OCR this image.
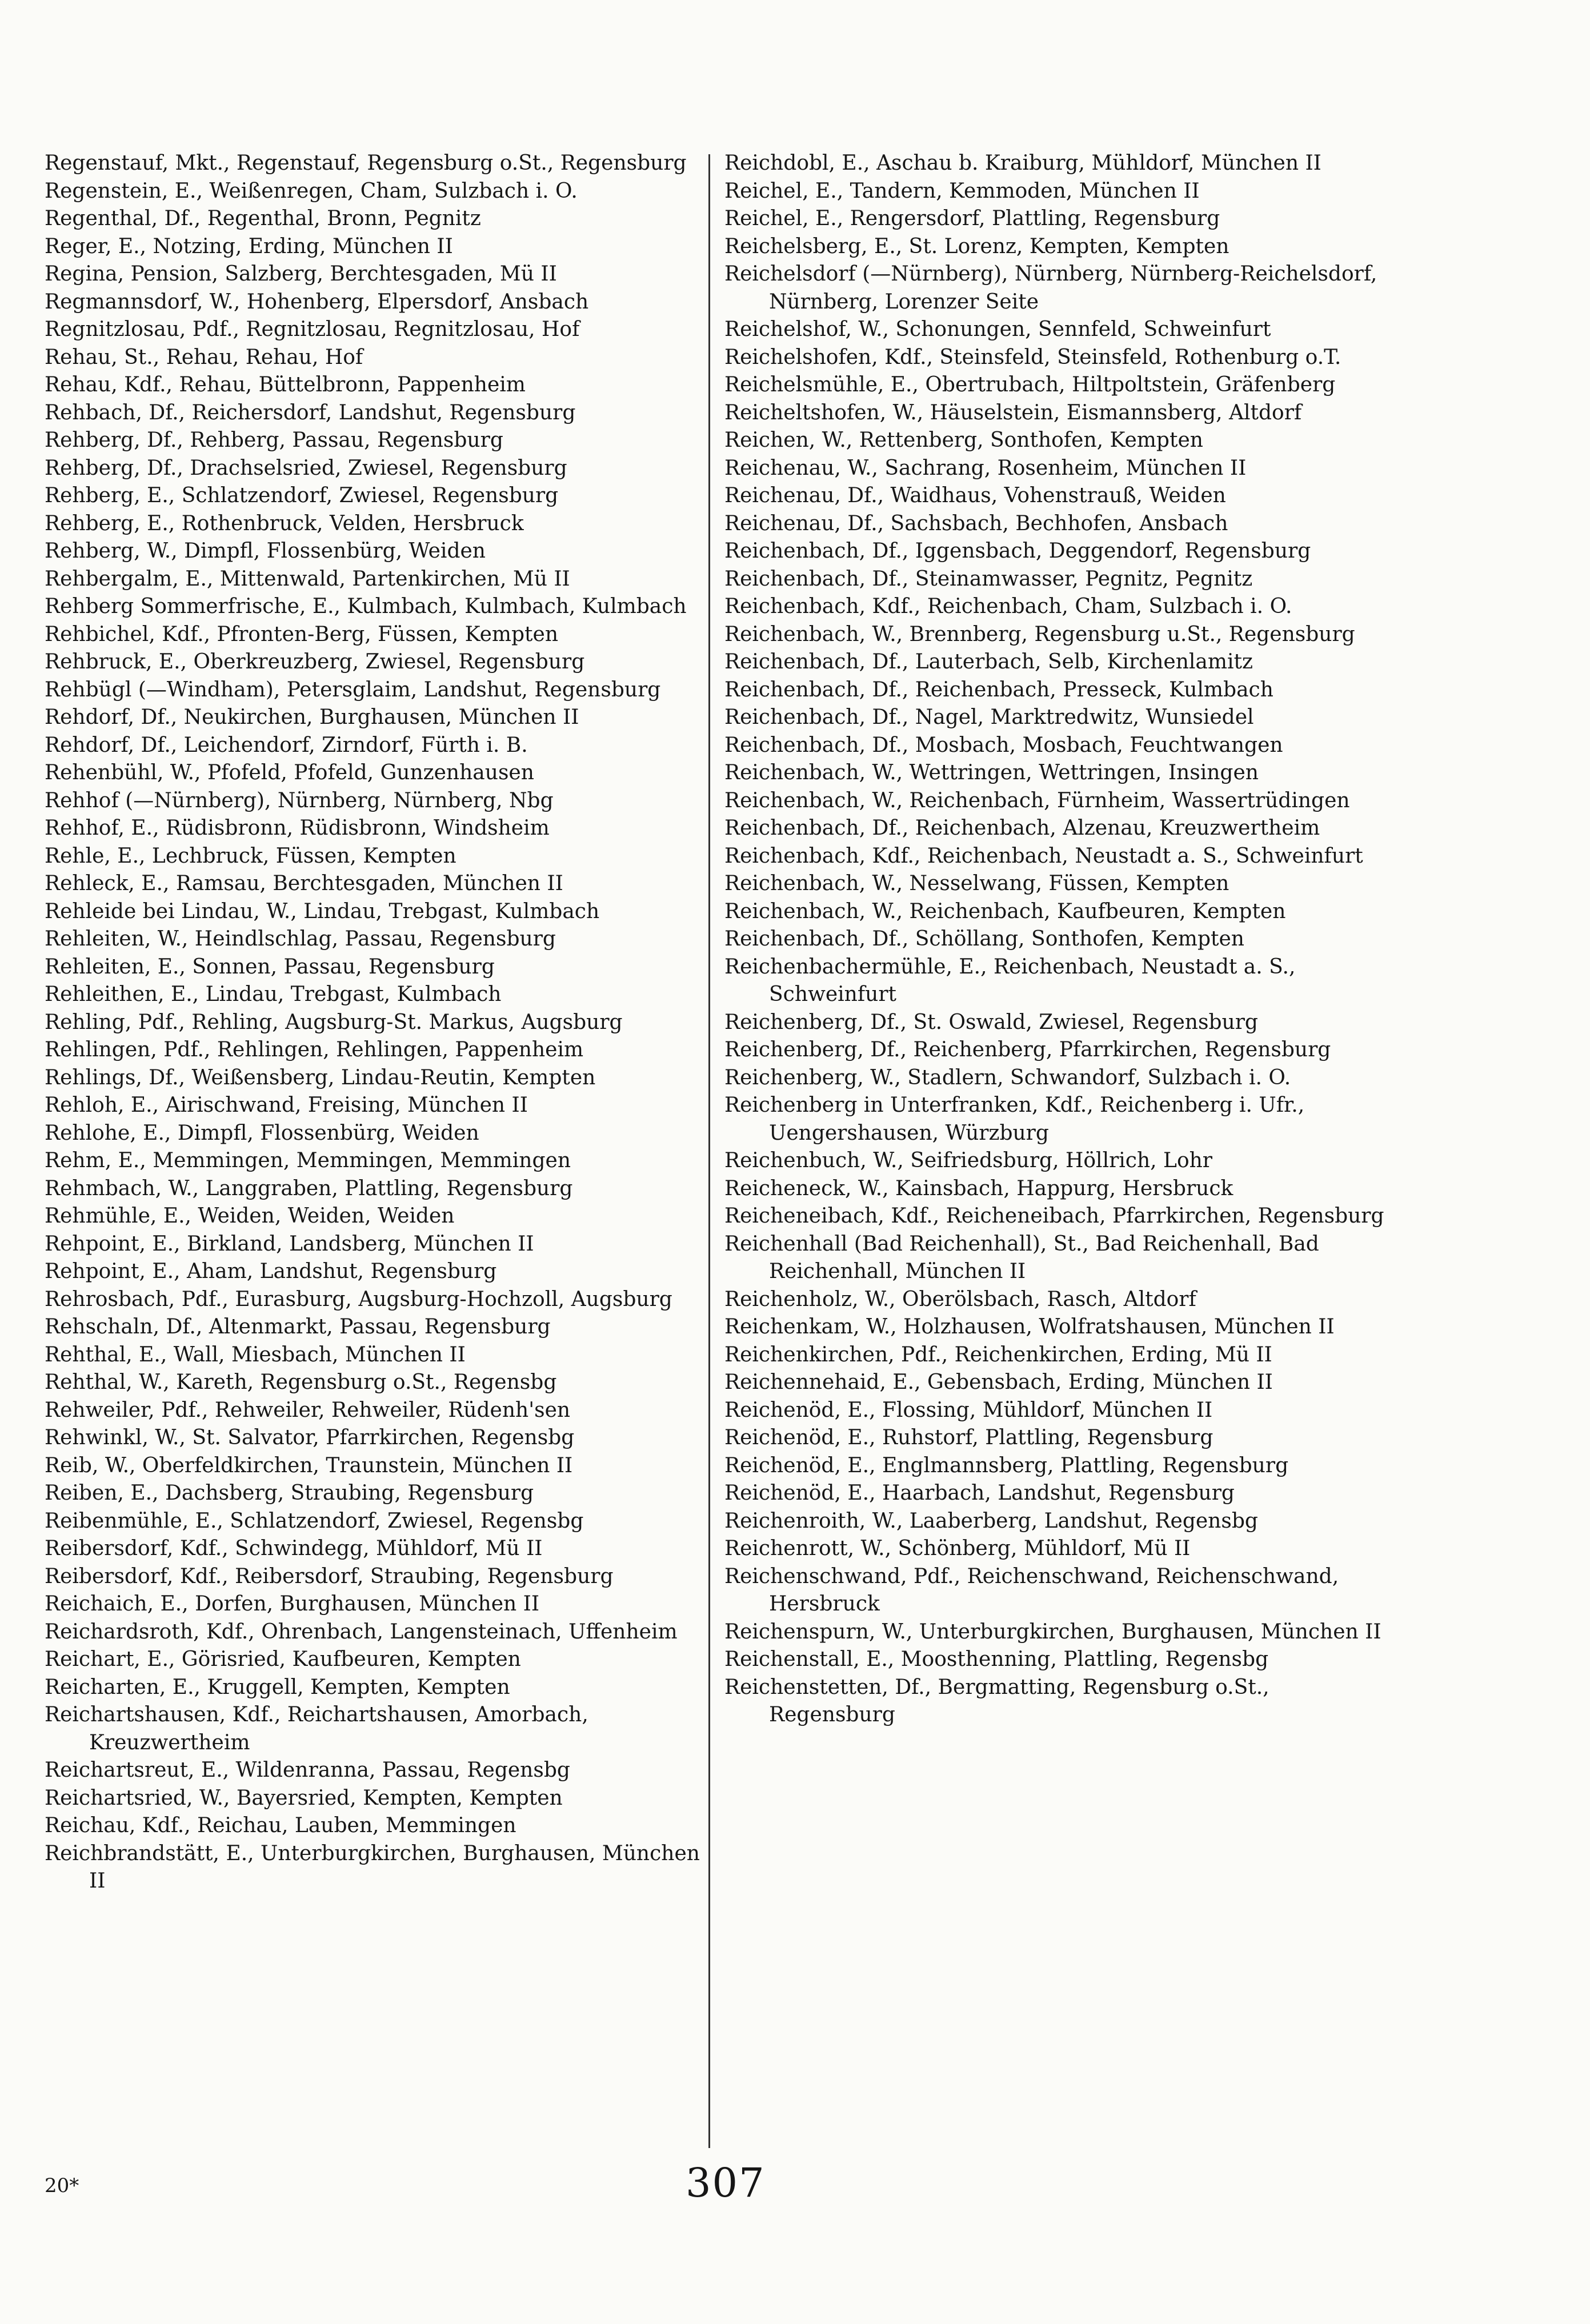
Regenstauf, Mkt., Regenstauf, Regensburg o.St., Regensburg
Regenstein, E., Weißenregen, Cham, Sulzbach i. O.
Regenthal, Df., Regenthal, Bronn, Pegnitz
Reger, E., Notzing, Erding, München II
Regina, Pension, Salzberg, Berchtesgaden, Mü II
Regmannsdorf, W., Hohenberg, Elpersdorf, Ansbach
Regnitzlosau, Pdf., Regnitzlosau, Regnitzlosau, Hof
Rehau, St., Rehau, Rehau, Hof
Rehau, Kdf., Rehau, Büttelbronn, Pappenheim
Rehbach, Df., Reichersdorf, Landshut, Regensburg
Rehberg, Df., Rehberg, Passau, Regensburg
Rehberg, Df., Drachselsried, Zwiesel, Regensburg
Rehberg, E., Schlatzendorf, Zwiesel, Regensburg
Rehberg, E., Rothenbruck, Velden, Hersbruck
Rehberg, W., Dimpfl, Flossenbürg, Weiden
Rehbergalm, E., Mittenwald, Partenkirchen, Mü II
Rehberg Sommerfrische, E., Kulmbach, Kulmbach, Kulmbach
Rehbichel, Kdf., Pfronten-Berg, Füssen, Kempten
Rehbruck, E., Oberkreuzberg, Zwiesel, Regensburg
Rehbügl (—Windham), Petersglaim, Landshut, Regensburg
Rehdorf, Df., Neukirchen, Burghausen, München II
Rehdorf, Df., Leichendorf, Zirndorf, Fürth i. B.
Rehenbühl, W., Pfofeld, Pfofeld, Gunzenhausen
Rehhof (—Nürnberg), Nürnberg, Nürnberg, Nbg
Rehhof, E., Rüdisbronn, Rüdisbronn, Windsheim
Rehle, E., Lechbruck, Füssen, Kempten
Rehleck, E., Ramsau, Berchtesgaden, München II
Rehleide bei Lindau, W., Lindau, Trebgast, Kulmbach
Rehleiten, W., Heindlschlag, Passau, Regensburg
Rehleiten, E., Sonnen, Passau, Regensburg
Rehleithen, E., Lindau, Trebgast, Kulmbach
Rehling, Pdf., Rehling, Augsburg-St. Markus, Augsburg
Rehlingen, Pdf., Rehlingen, Rehlingen, Pappenheim
Rehlings, Df., Weißensberg, Lindau-Reutin, Kempten
Rehloh, E., Airischwand, Freising, München II
Rehlohe, E., Dimpfl, Flossenbürg, Weiden
Rehm, E., Memmingen, Memmingen, Memmingen
Rehmbach, W., Langgraben, Plattling, Regensburg
Rehmühle, E., Weiden, Weiden, Weiden
Rehpoint, E., Birkland, Landsberg, München II
Rehpoint, E., Aham, Landshut, Regensburg
Rehrosbach, Pdf., Eurasburg, Augsburg-Hochzoll, Augsburg
Rehschaln, Df., Altenmarkt, Passau, Regensburg
Rehthal, E., Wall, Miesbach, München II
Rehthal, W., Kareth, Regensburg o.St., Regensbg
Rehweiler, Pdf., Rehweiler, Rehweiler, Rüdenh'sen
Rehwinkl, W., St. Salvator, Pfarrkirchen, Regensbg
Reib, W., Oberfeldkirchen, Traunstein, München II
Reiben, E., Dachsberg, Straubing, Regensburg
Reibenmühle, E., Schlatzendorf, Zwiesel, Regensbg
Reibersdorf, Kdf., Schwindegg, Mühldorf, Mü II
Reibersdorf, Kdf., Reibersdorf, Straubing, Regensburg
Reichaich, E., Dorfen, Burghausen, München II
Reichardsroth, Kdf., Ohrenbach, Langensteinach, Uffenheim
Reichart, E., Görisried, Kaufbeuren, Kempten
Reicharten, E., Kruggell, Kempten, Kempten
Reichartshausen, Kdf., Reichartshausen, Amorbach, Kreuzwertheim
Reichartsreut, E., Wildenranna, Passau, Regensbg
Reichartsried, W., Bayersried, Kempten, Kempten
Reichau, Kdf., Reichau, Lauben, Memmingen
Reichbrandstätt, E., Unterburgkirchen, Burghausen, München II
Reichdobl, E., Aschau b. Kraiburg, Mühldorf, München II
Reichel, E., Tandern, Kemmoden, München II
Reichel, E., Rengersdorf, Plattling, Regensburg
Reichelsberg, E., St. Lorenz, Kempten, Kempten
Reichelsdorf (—Nürnberg), Nürnberg, Nürnberg-Reichelsdorf, Nürnberg, Lorenzer Seite
Reichelshof, W., Schonungen, Sennfeld, Schweinfurt
Reichelshofen, Kdf., Steinsfeld, Steinsfeld, Rothenburg o.T.
Reichelsmühle, E., Obertrubach, Hiltpoltstein, Gräfenberg
Reicheltshofen, W., Häuselstein, Eismannsberg, Altdorf
Reichen, W., Rettenberg, Sonthofen, Kempten
Reichenau, W., Sachrang, Rosenheim, München II
Reichenau, Df., Waidhaus, Vohenstrauß, Weiden
Reichenau, Df., Sachsbach, Bechhofen, Ansbach
Reichenbach, Df., Iggensbach, Deggendorf, Regensburg
Reichenbach, Df., Steinamwasser, Pegnitz, Pegnitz
Reichenbach, Kdf., Reichenbach, Cham, Sulzbach i. O.
Reichenbach, W., Brennberg, Regensburg u.St., Regensburg
Reichenbach, Df., Lauterbach, Selb, Kirchenlamitz
Reichenbach, Df., Reichenbach, Presseck, Kulmbach
Reichenbach, Df., Nagel, Marktredwitz, Wunsiedel
Reichenbach, Df., Mosbach, Mosbach, Feuchtwangen
Reichenbach, W., Wettringen, Wettringen, Insingen
Reichenbach, W., Reichenbach, Fürnheim, Wassertrüdingen
Reichenbach, Df., Reichenbach, Alzenau, Kreuzwertheim
Reichenbach, Kdf., Reichenbach, Neustadt a. S., Schweinfurt
Reichenbach, W., Nesselwang, Füssen, Kempten
Reichenbach, W., Reichenbach, Kaufbeuren, Kempten
Reichenbach, Df., Schöllang, Sonthofen, Kempten
Reichenbachermühle, E., Reichenbach, Neustadt a. S., Schweinfurt
Reichenberg, Df., St. Oswald, Zwiesel, Regensburg
Reichenberg, Df., Reichenberg, Pfarrkirchen, Regensburg
Reichenberg, W., Stadlern, Schwandorf, Sulzbach i. O.
Reichenberg in Unterfranken, Kdf., Reichenberg i. Ufr., Uengershausen, Würzburg
Reichenbuch, W., Seifriedsburg, Höllrich, Lohr
Reicheneck, W., Kainsbach, Happurg, Hersbruck
Reicheneibach, Kdf., Reicheneibach, Pfarrkirchen, Regensburg
Reichenhall (Bad Reichenhall), St., Bad Reichenhall, Bad Reichenhall, München II
Reichenholz, W., Oberölsbach, Rasch, Altdorf
Reichenkam, W., Holzhausen, Wolfratshausen, München II
Reichenkirchen, Pdf., Reichenkirchen, Erding, Mü II
Reichennehaid, E., Gebensbach, Erding, München II
Reichenöd, E., Flossing, Mühldorf, München II
Reichenöd, E., Ruhstorf, Plattling, Regensburg
Reichenöd, E., Englmannsberg, Plattling, Regensburg
Reichenöd, E., Haarbach, Landshut, Regensburg
Reichenroith, W., Laaberberg, Landshut, Regensbg
Reichenrott, W., Schönberg, Mühldorf, Mü II
Reichenschwand, Pdf., Reichenschwand, Reichenschwand, Hersbruck
Reichenspurn, W., Unterburgkirchen, Burghausen, München II
Reichenstall, E., Moosthenning, Plattling, Regensbg
Reichenstetten, Df., Bergmatting, Regensburg o.St., Regensburg
20*	307
